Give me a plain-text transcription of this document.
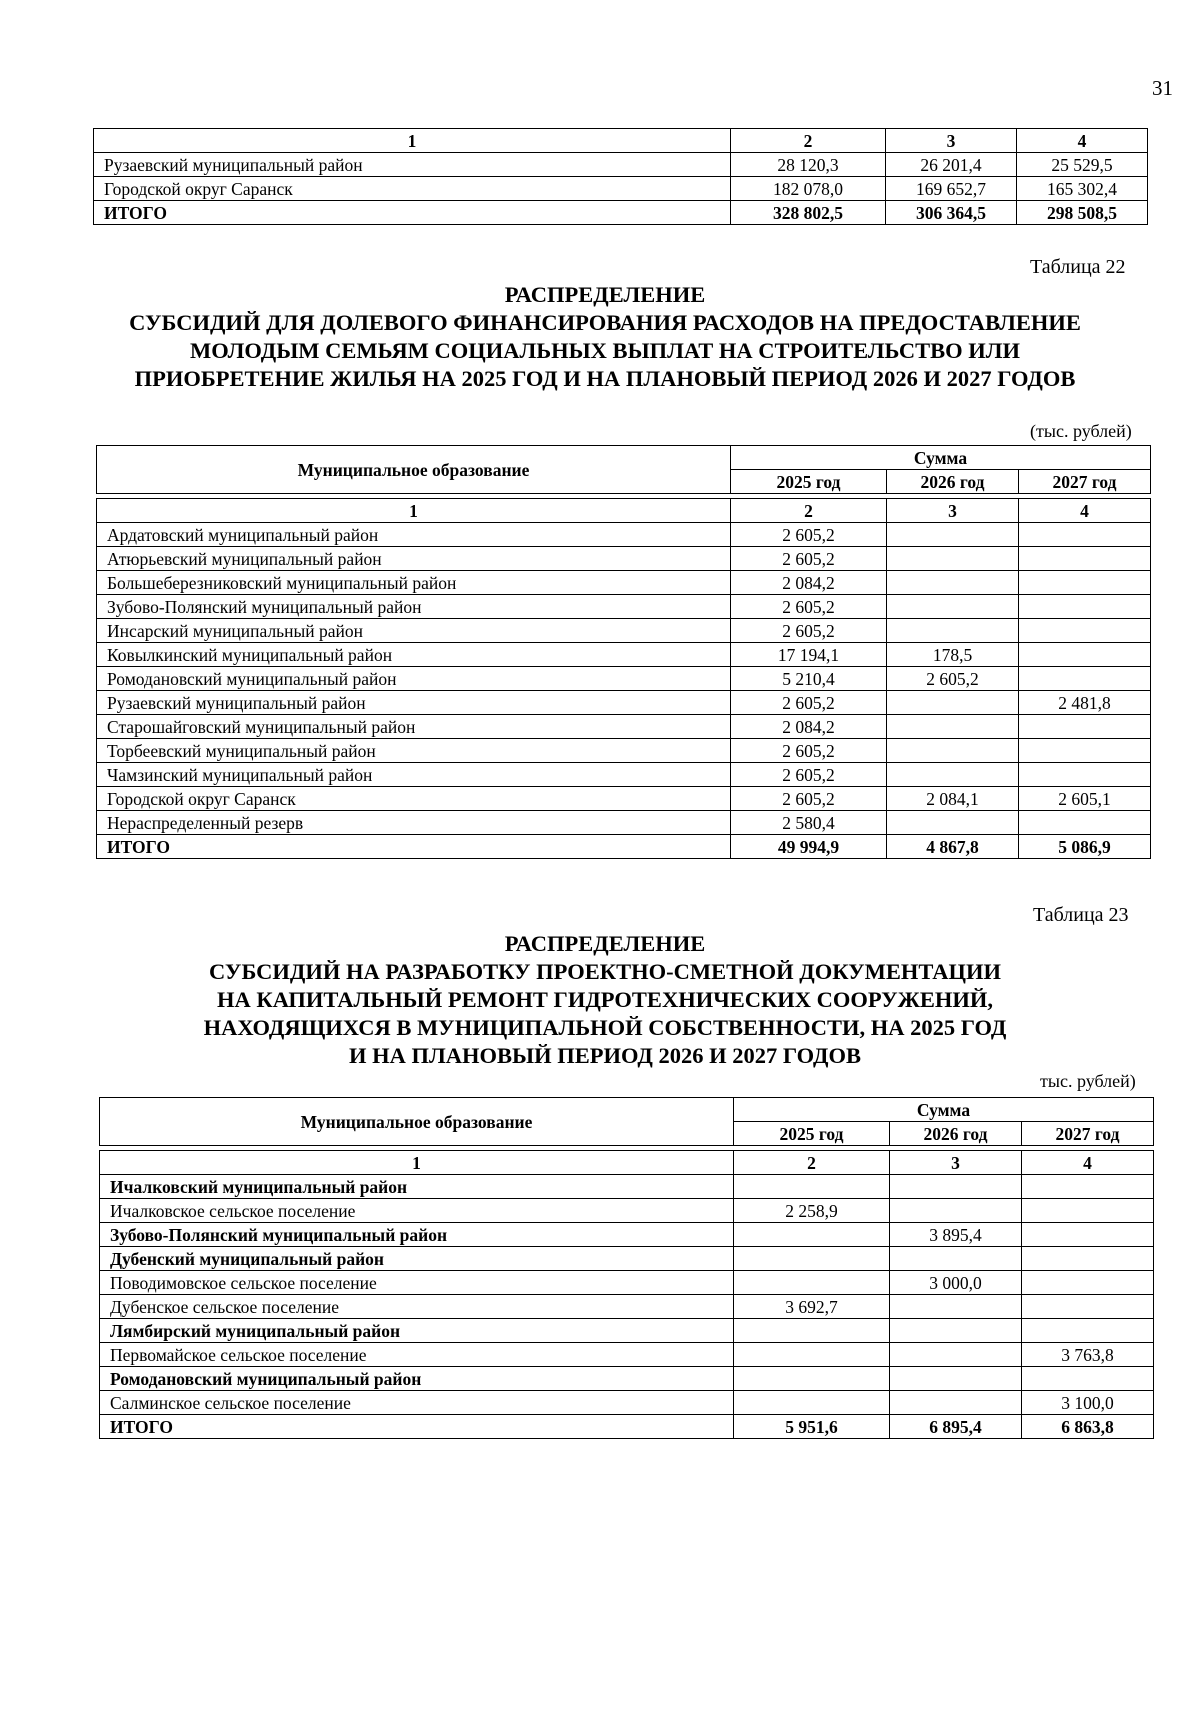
31
1	2	3	4
Рузаевский муниципальный район	28 120,3	26 201,4	25 529,5
Городской округ Саранск	182 078,0	169 652,7	165 302,4
ИТОГО	328 802,5	306 364,5	298 508,5
Таблица 22
РАСПРЕДЕЛЕНИЕ
СУБСИДИЙ ДЛЯ ДОЛЕВОГО ФИНАНСИРОВАНИЯ РАСХОДОВ НА ПРЕДОСТАВЛЕНИЕ
МОЛОДЫМ СЕМЬЯМ СОЦИАЛЬНЫХ ВЫПЛАТ НА СТРОИТЕЛЬСТВО ИЛИ
ПРИОБРЕТЕНИЕ ЖИЛЬЯ НА 2025 ГОД И НА ПЛАНОВЫЙ ПЕРИОД 2026 И 2027 ГОДОВ
(тыс. рублей)
Муниципальное образование	Сумма		
	2025 год	2026 год	2027 год

1	2	3	4
Ардатовский муниципальный район	2 605,2		
Атюрьевский муниципальный район	2 605,2		
Большеберезниковский муниципальный район	2 084,2		
Зубово-Полянский муниципальный район	2 605,2		
Инсарский муниципальный район	2 605,2		
Ковылкинский муниципальный район	17 194,1	178,5	
Ромодановский муниципальный район	5 210,4	2 605,2	
Рузаевский муниципальный район	2 605,2		2 481,8
Старошайговский муниципальный район	2 084,2		
Торбеевский муниципальный район	2 605,2		
Чамзинский муниципальный район	2 605,2		
Городской округ Саранск	2 605,2	2 084,1	2 605,1
Нераспределенный резерв	2 580,4		
ИТОГО	49 994,9	4 867,8	5 086,9
Таблица 23
РАСПРЕДЕЛЕНИЕ
СУБСИДИЙ НА РАЗРАБОТКУ ПРОЕКТНО-СМЕТНОЙ ДОКУМЕНТАЦИИ
НА КАПИТАЛЬНЫЙ РЕМОНТ ГИДРОТЕХНИЧЕСКИХ СООРУЖЕНИЙ,
НАХОДЯЩИХСЯ В МУНИЦИПАЛЬНОЙ СОБСТВЕННОСТИ, НА 2025 ГОД
И НА ПЛАНОВЫЙ ПЕРИОД 2026 И 2027 ГОДОВ
тыс. рублей)
Муниципальное образование	Сумма		
	2025 год	2026 год	2027 год

1	2	3	4
Ичалковский муниципальный район			
Ичалковское сельское поселение	2 258,9		
Зубово-Полянский муниципальный район		3 895,4	
Дубенский муниципальный район			
Поводимовское сельское поселение		3 000,0	
Дубенское сельское поселение	3 692,7		
Лямбирский муниципальный район			
Первомайское сельское поселение			3 763,8
Ромодановский муниципальный район			
Салминское сельское поселение			3 100,0
ИТОГО	5 951,6	6 895,4	6 863,8
